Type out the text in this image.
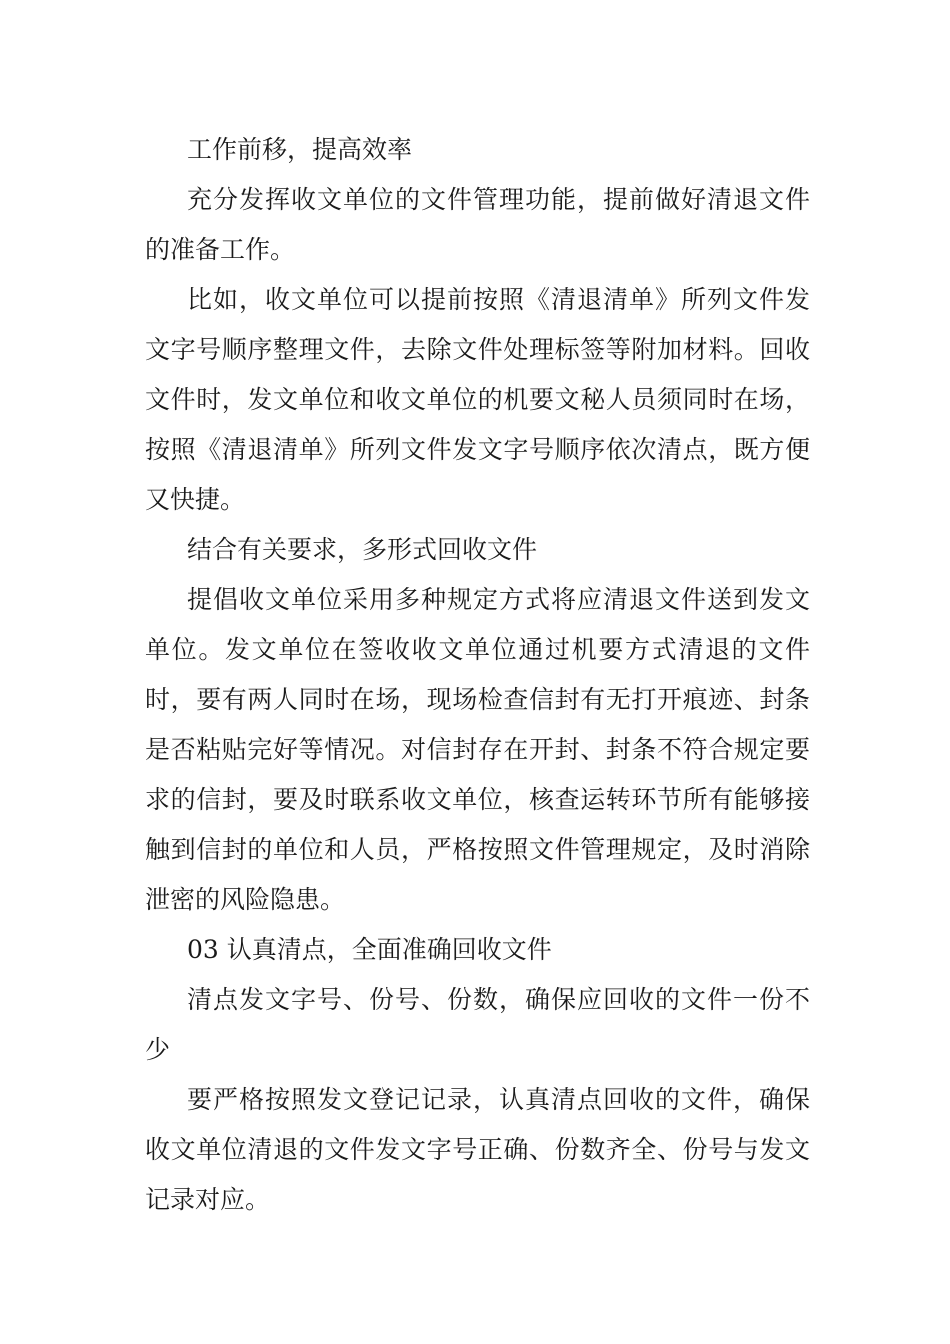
工作前移，提高效率

充分发挥收文单位的文件管理功能，提前做好清退文件的准备工作。

比如，收文单位可以提前按照《清退清单》所列文件发文字号顺序整理文件，去除文件处理标签等附加材料。回收文件时，发文单位和收文单位的机要文秘人员须同时在场，按照《清退清单》所列文件发文字号顺序依次清点，既方便又快捷。

结合有关要求，多形式回收文件

提倡收文单位采用多种规定方式将应清退文件送到发文单位。发文单位在签收收文单位通过机要方式清退的文件时，要有两人同时在场，现场检查信封有无打开痕迹、封条是否粘贴完好等情况。对信封存在开封、封条不符合规定要求的信封，要及时联系收文单位，核查运转环节所有能够接触到信封的单位和人员，严格按照文件管理规定，及时消除泄密的风险隐患。

03 认真清点，全面准确回收文件

清点发文字号、份号、份数，确保应回收的文件一份不少

要严格按照发文登记记录，认真清点回收的文件，确保收文单位清退的文件发文字号正确、份数齐全、份号与发文记录对应。
